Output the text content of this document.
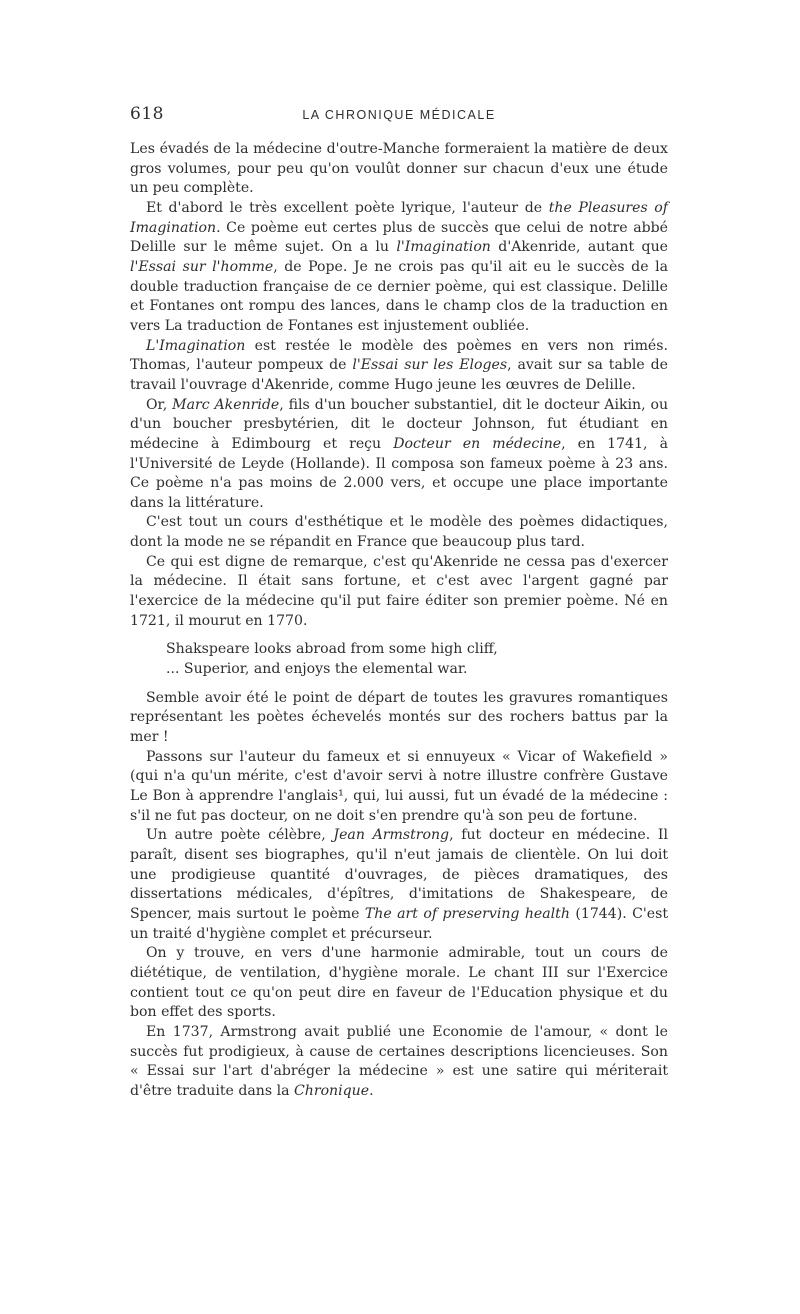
618	LA CHRONIQUE MÉDICALE

Les évadés de la médecine d'outre-Manche formeraient la matière de deux gros volumes, pour peu qu'on voulût donner sur chacun d'eux une étude un peu complète.

Et d'abord le très excellent poète lyrique, l'auteur de the Pleasures of Imagination. Ce poème eut certes plus de succès que celui de notre abbé Delille sur le même sujet. On a lu l'Imagination d'Akenride, autant que l'Essai sur l'homme, de Pope. Je ne crois pas qu'il ait eu le succès de la double traduction française de ce dernier poème, qui est classique. Delille et Fontanes ont rompu des lances, dans le champ clos de la traduction en vers La traduction de Fontanes est injustement oubliée.

L'Imagination est restée le modèle des poèmes en vers non rimés. Thomas, l'auteur pompeux de l'Essai sur les Eloges, avait sur sa table de travail l'ouvrage d'Akenride, comme Hugo jeune les œuvres de Delille.

Or, Marc Akenride, fils d'un boucher substantiel, dit le docteur Aikin, ou d'un boucher presbytérien, dit le docteur Johnson, fut étudiant en médecine à Edimbourg et reçu Docteur en médecine, en 1741, à l'Université de Leyde (Hollande). Il composa son fameux poème à 23 ans. Ce poème n'a pas moins de 2.000 vers, et occupe une place importante dans la littérature.

C'est tout un cours d'esthétique et le modèle des poèmes didactiques, dont la mode ne se répandit en France que beaucoup plus tard.

Ce qui est digne de remarque, c'est qu'Akenride ne cessa pas d'exercer la médecine. Il était sans fortune, et c'est avec l'argent gagné par l'exercice de la médecine qu'il put faire éditer son premier poème. Né en 1721, il mourut en 1770.

Shakspeare looks abroad from some high cliff,
... Superior, and enjoys the elemental war.

Semble avoir été le point de départ de toutes les gravures romantiques représentant les poètes échevelés montés sur des rochers battus par la mer !

Passons sur l'auteur du fameux et si ennuyeux « Vicar of Wakefield » (qui n'a qu'un mérite, c'est d'avoir servi à notre illustre confrère Gustave Le Bon à apprendre l'anglais¹, qui, lui aussi, fut un évadé de la médecine : s'il ne fut pas docteur, on ne doit s'en prendre qu'à son peu de fortune.

Un autre poète célèbre, Jean Armstrong, fut docteur en médecine. Il paraît, disent ses biographes, qu'il n'eut jamais de clientèle. On lui doit une prodigieuse quantité d'ouvrages, de pièces dramatiques, des dissertations médicales, d'épîtres, d'imitations de Shakespeare, de Spencer, mais surtout le poème The art of preserving health (1744). C'est un traité d'hygiène complet et précurseur.

On y trouve, en vers d'une harmonie admirable, tout un cours de diététique, de ventilation, d'hygiène morale. Le chant III sur l'Exercice contient tout ce qu'on peut dire en faveur de l'Education physique et du bon effet des sports.

En 1737, Armstrong avait publié une Economie de l'amour, « dont le succès fut prodigieux, à cause de certaines descriptions licencieuses. Son « Essai sur l'art d'abréger la médecine » est une satire qui mériterait d'être traduite dans la Chronique.
